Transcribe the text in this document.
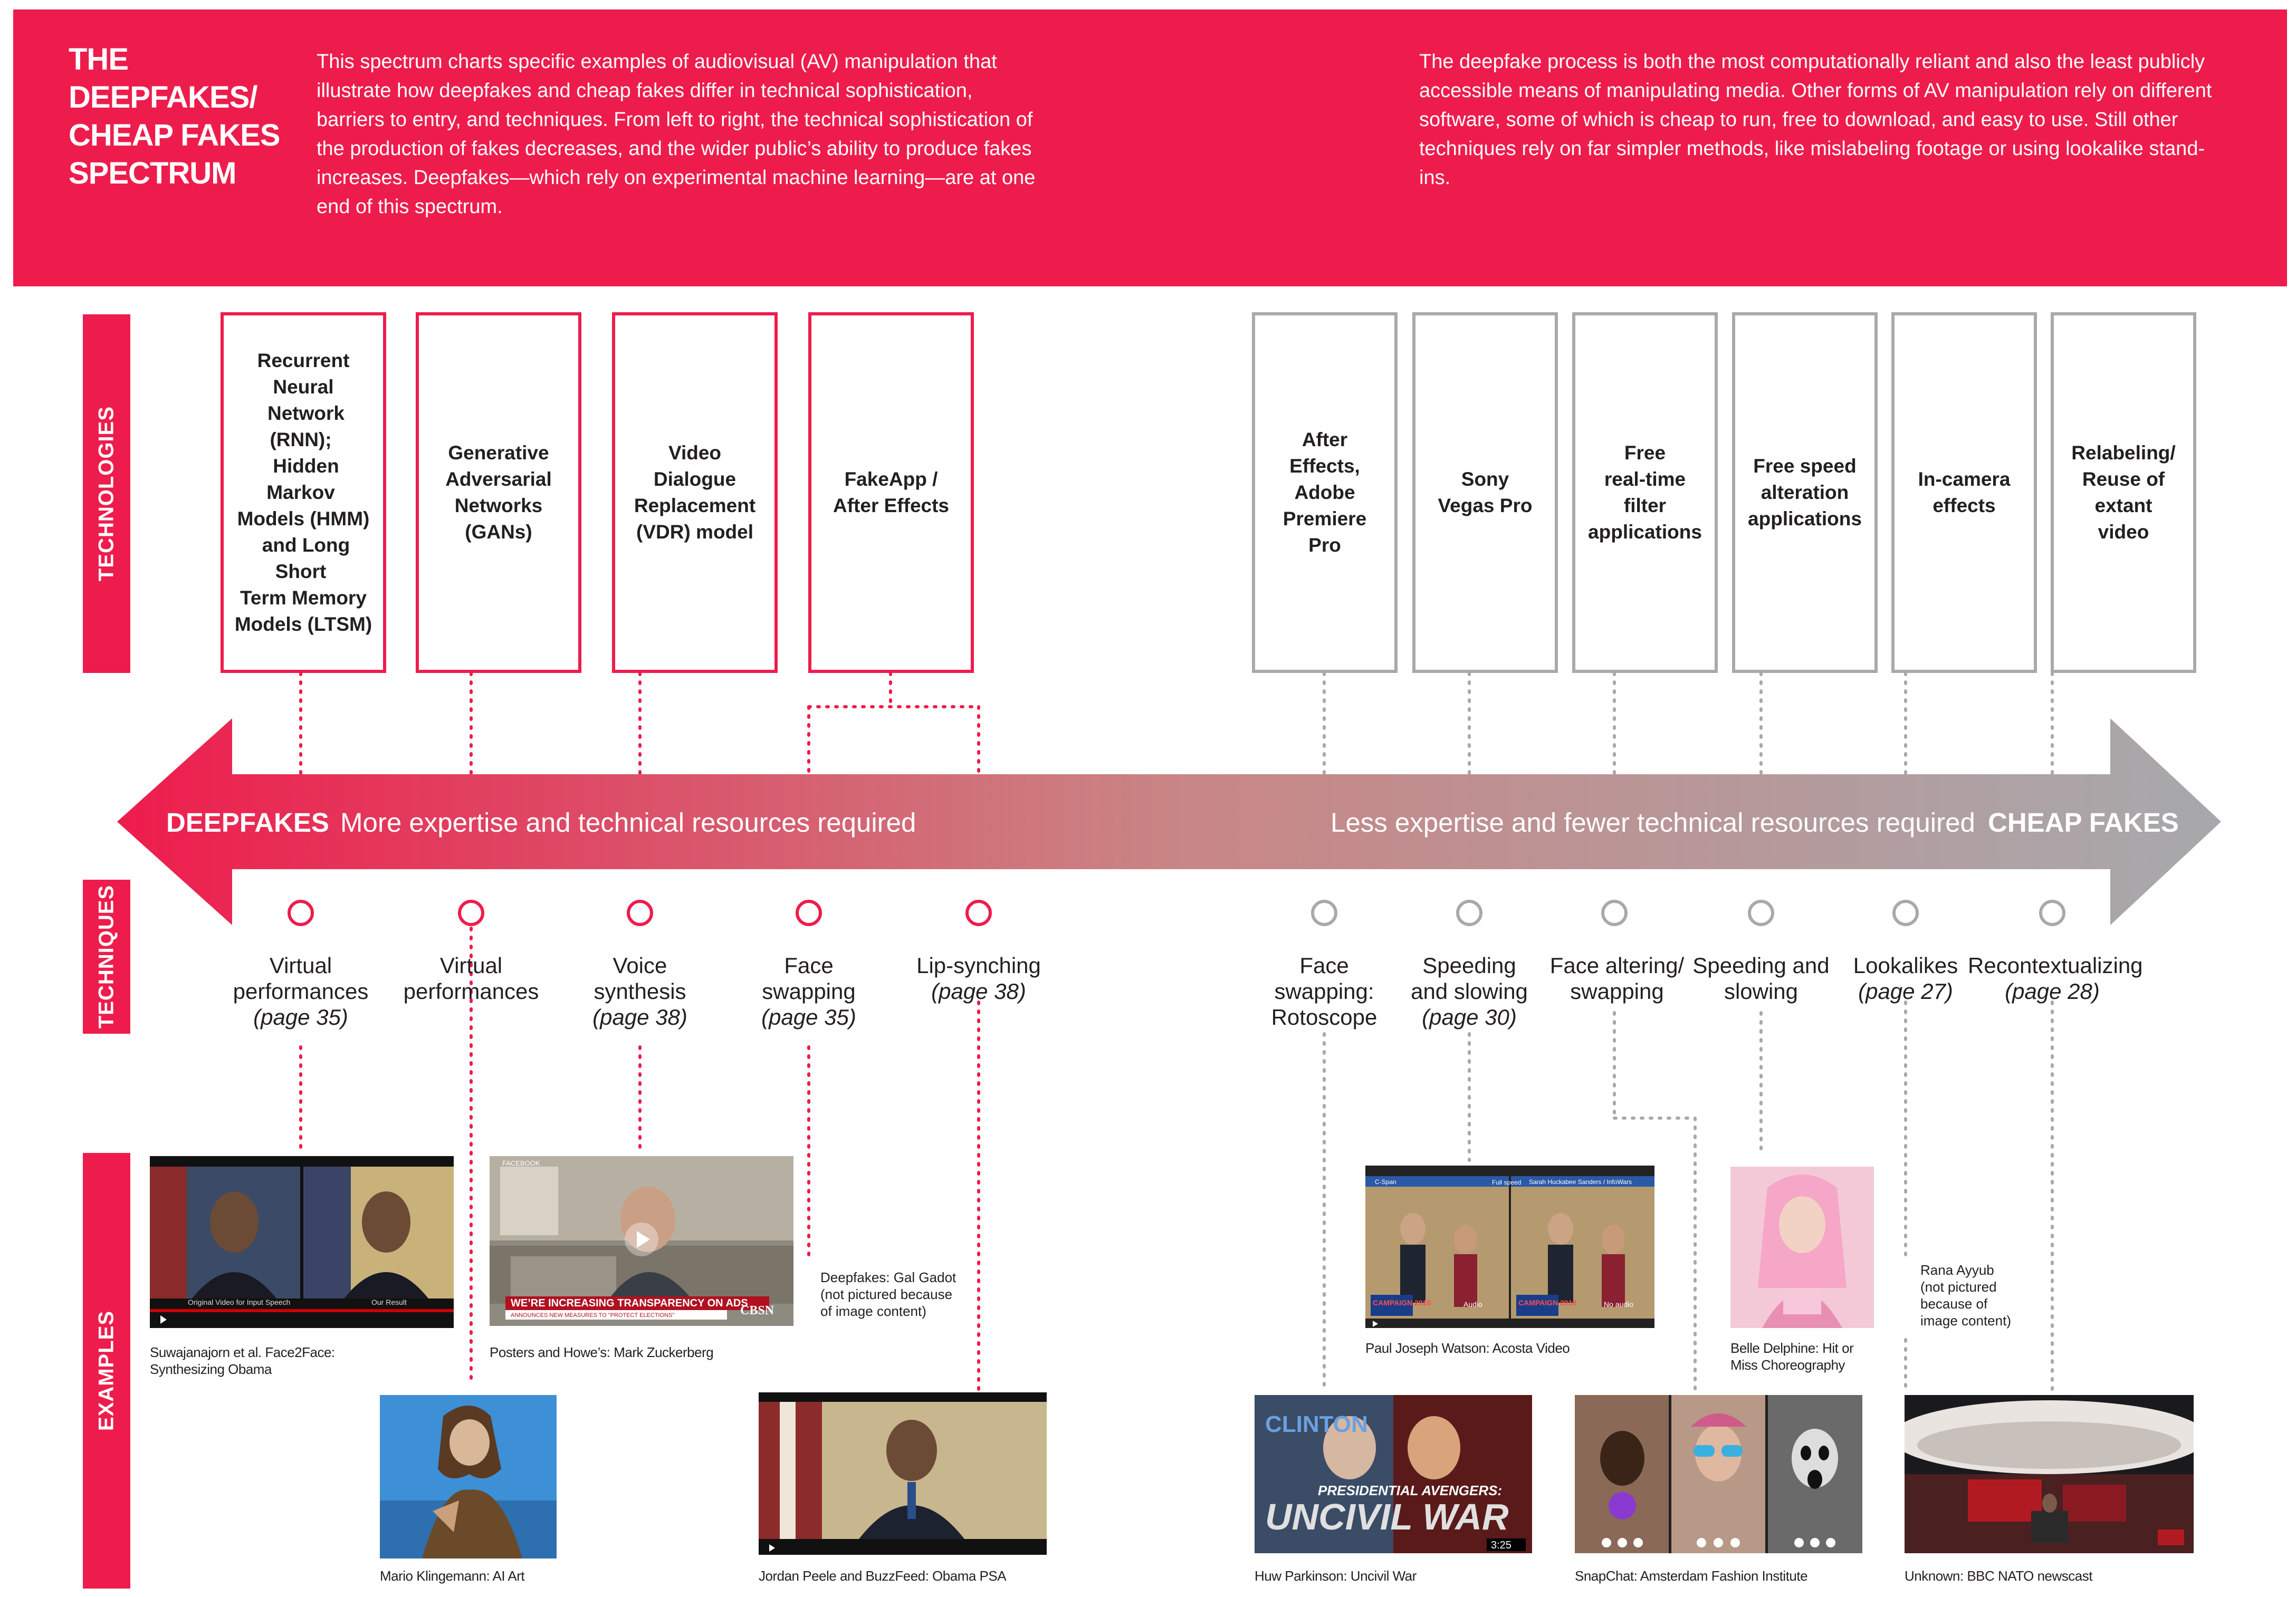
THE
DEEPFAKES/
CHEAP FAKES
SPECTRUM
This spectrum charts specific examples of audiovisual (AV) manipulation that illustrate how deepfakes and cheap fakes differ in technical sophistication, barriers to entry, and techniques. From left to right, the technical sophistication of the production of fakes decreases, and the wider public’s ability to produce fakes increases. Deepfakes—which rely on experimental machine learning—are at one end of this spectrum.
The deepfake process is both the most computationally reliant and also the least publicly accessible means of manipulating media. Other forms of AV manipulation rely on different software, some of which is cheap to run, free to download, and easy to use. Still other techniques rely on far simpler methods, like mislabeling footage or using lookalike stand-ins.
TECHNOLOGIES
TECHNIQUES
EXAMPLES
DEEPFAKES More expertise and technical resources required	Less expertise and fewer technical resources required CHEAP FAKES
Recurrent
Neural
Network (RNN);
Hidden Markov
Models (HMM)
and Long Short
Term Memory
Models (LTSM)
Generative
Adversarial
Networks
(GANs)
Video
Dialogue
Replacement
(VDR) model
FakeApp /
After Effects
After
Effects,
Adobe
Premiere
Pro
Sony
Vegas Pro
Free
real-time
filter
applications
Free speed
alteration
applications
In-camera
effects
Relabeling/
Reuse of
extant
video
Virtual
performances
(page 35)
Virtual
performances
Voice
synthesis
(page 38)
Face
swapping
(page 35)
Lip-synching
(page 38)
Face
swapping:
Rotoscope
Speeding
and slowing
(page 30)
Face altering/
swapping
Speeding and
slowing
Lookalikes
(page 27)
Recontextualizing
(page 28)
Original Video for Input Speech	Our Result
Suwajanajorn et al. Face2Face:
Synthesizing Obama
Mario Klingemann: AI Art
FACEBOOK
WE’RE INCREASING TRANSPARENCY ON ADS
ANNOUNCES NEW MEASURES TO "PROTECT ELECTIONS"	CBSN
Posters and Howe’s: Mark Zuckerberg
Deepfakes: Gal Gadot
(not pictured because
of image content)
Jordan Peele and BuzzFeed: Obama PSA
CLINTON
PRESIDENTIAL AVENGERS:
UNCIVIL WAR
3:25
Huw Parkinson: Uncivil War
C-Span	Full speed Sarah Huckabee Sanders / InfoWars
CAMPAIGN 2018	CAMPAIGN 2018
Audio	No audio
Paul Joseph Watson: Acosta Video
SnapChat: Amsterdam Fashion Institute
Belle Delphine: Hit or
Miss Choreography
Rana Ayyub
(not pictured
because of
image content)
Unknown: BBC NATO newscast
